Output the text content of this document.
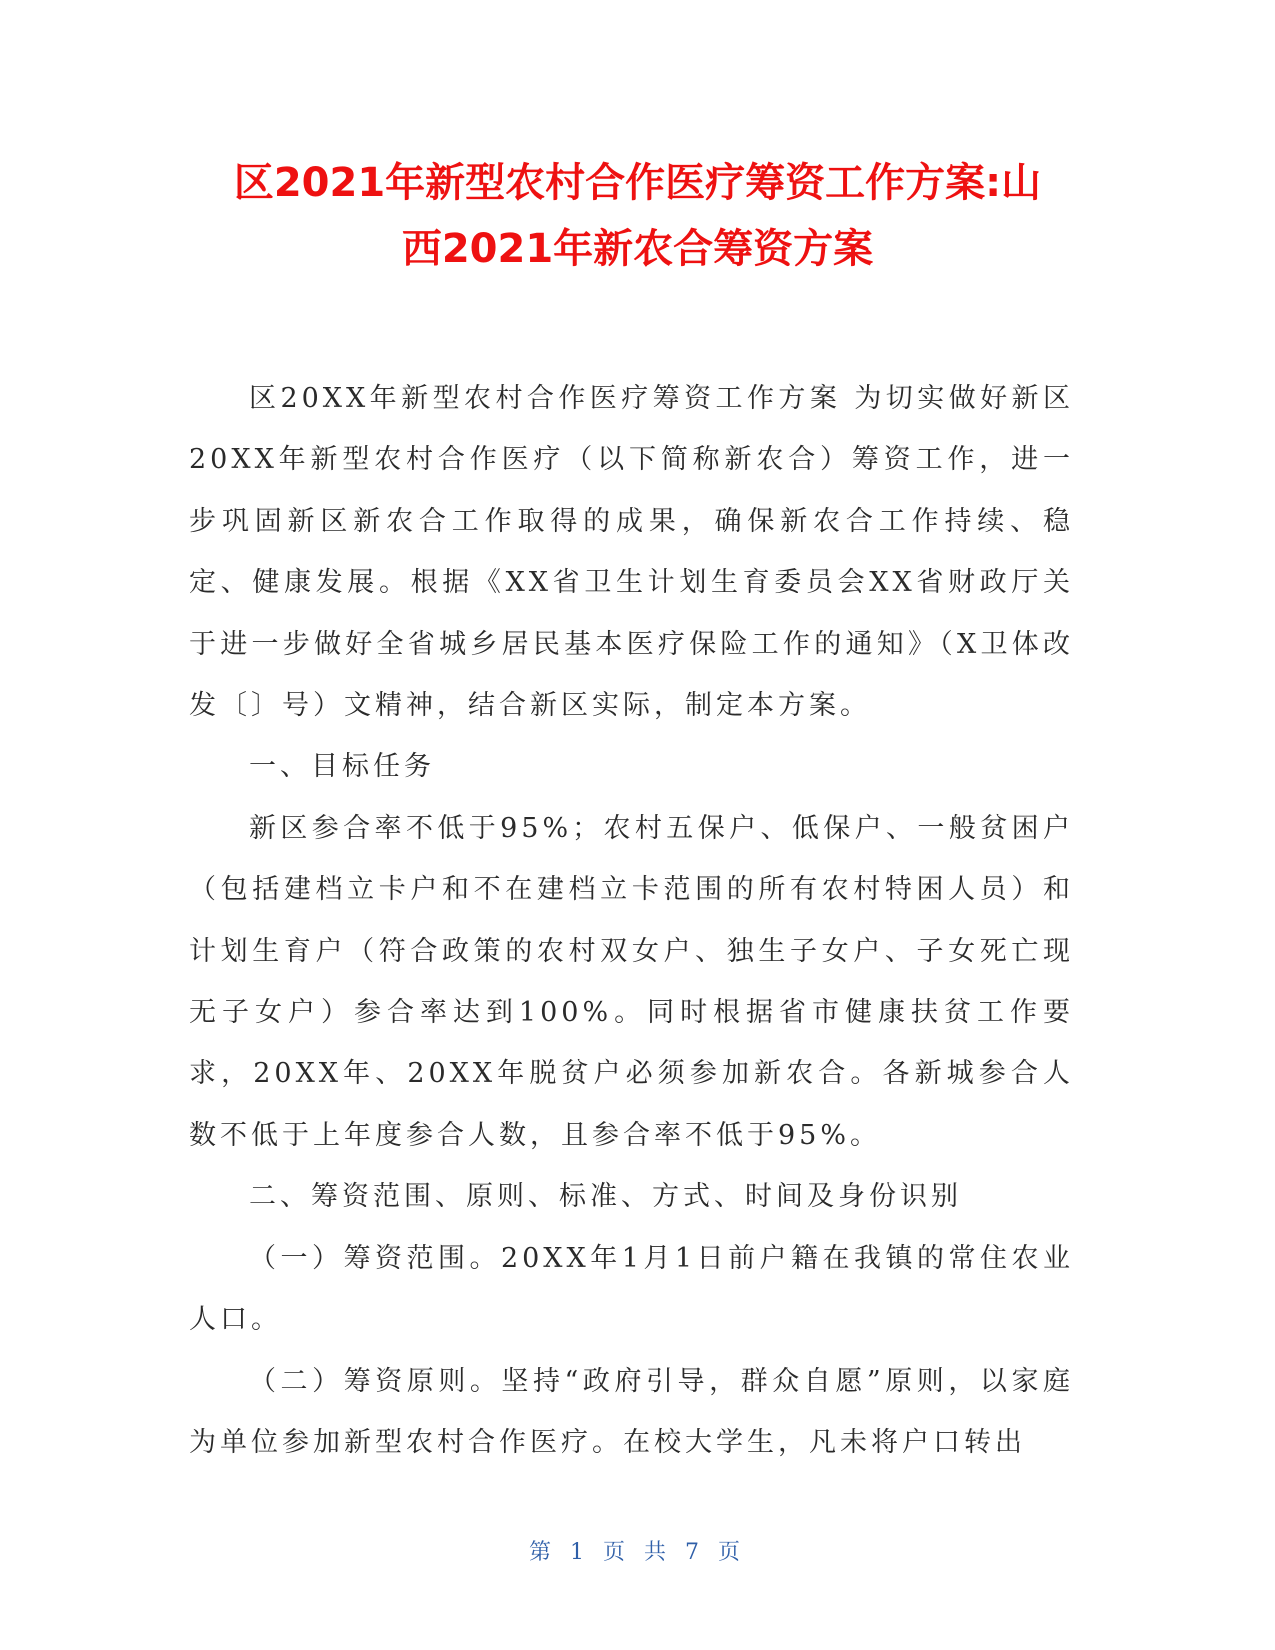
区2021年新型农村合作医疗筹资工作方案:山
西2021年新农合筹资方案

区20XX年新型农村合作医疗筹资工作方案 为切实做好新区20XX年新型农村合作医疗（以下简称新农合）筹资工作，进一步巩固新区新农合工作取得的成果，确保新农合工作持续、稳定、健康发展。根据《XX省卫生计划生育委员会XX省财政厅关于进一步做好全省城乡居民基本医疗保险工作的通知》（X卫体改发〔〕号）文精神，结合新区实际，制定本方案。

一、目标任务

新区参合率不低于95%；农村五保户、低保户、一般贫困户（包括建档立卡户和不在建档立卡范围的所有农村特困人员）和计划生育户（符合政策的农村双女户、独生子女户、子女死亡现无子女户）参合率达到100%。同时根据省市健康扶贫工作要求，20XX年、20XX年脱贫户必须参加新农合。各新城参合人数不低于上年度参合人数，且参合率不低于95%。

二、筹资范围、原则、标准、方式、时间及身份识别

（一）筹资范围。20XX年1月1日前户籍在我镇的常住农业人口。

（二）筹资原则。坚持“政府引导，群众自愿”原则，以家庭为单位参加新型农村合作医疗。在校大学生，凡未将户口转出

第 1 页 共 7 页
